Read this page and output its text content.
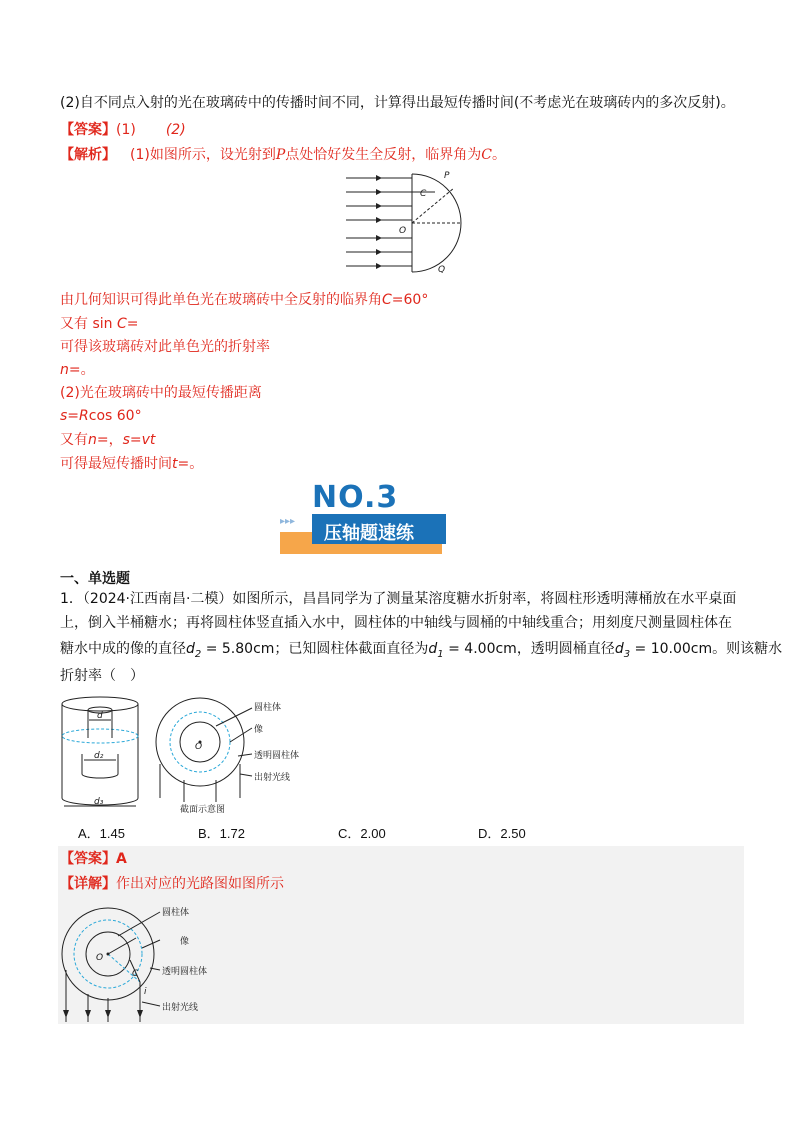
(2)自不同点入射的光在玻璃砖中的传播时间不同，计算得出最短传播时间(不考虑光在玻璃砖内的多次反射)。
【答案】(1) (2)
【解析】 (1)如图所示，设光射到P点处恰好发生全反射，临界角为C。
C
P
O
Q
由几何知识可得此单色光在玻璃砖中全反射的临界角C=60°
又有 sin C=
可得该玻璃砖对此单色光的折射率
n=。
(2)光在玻璃砖中的最短传播距离
s=Rcos 60°
又有n=，s=vt
可得最短传播时间t=。
NO.3
▸▸▸
压轴题速练
一、单选题
1．（2024·江西南昌·二模）如图所示，昌昌同学为了测量某溶度糖水折射率，将圆柱形透明薄桶放在水平桌面
上，倒入半桶糖水；再将圆柱体竖直插入水中，圆柱体的中轴线与圆桶的中轴线重合；用刻度尺测量圆柱体在
糖水中成的像的直径$d_2 = 5.80cm$；已知圆柱体截面直径为$d_1 = 4.00cm$，透明圆桶直径$d_3 = 10.00cm$。则该糖水
折射率（　）
d
d₂
d₃
O
圆柱体
像
透明圆柱体
出射光线
截面示意图
A．1.45	B．1.72	C．2.00	D．2.50
【答案】A
【详解】作出对应的光路图如图所示
O
C
i
圆柱体
像
透明圆柱体
出射光线
